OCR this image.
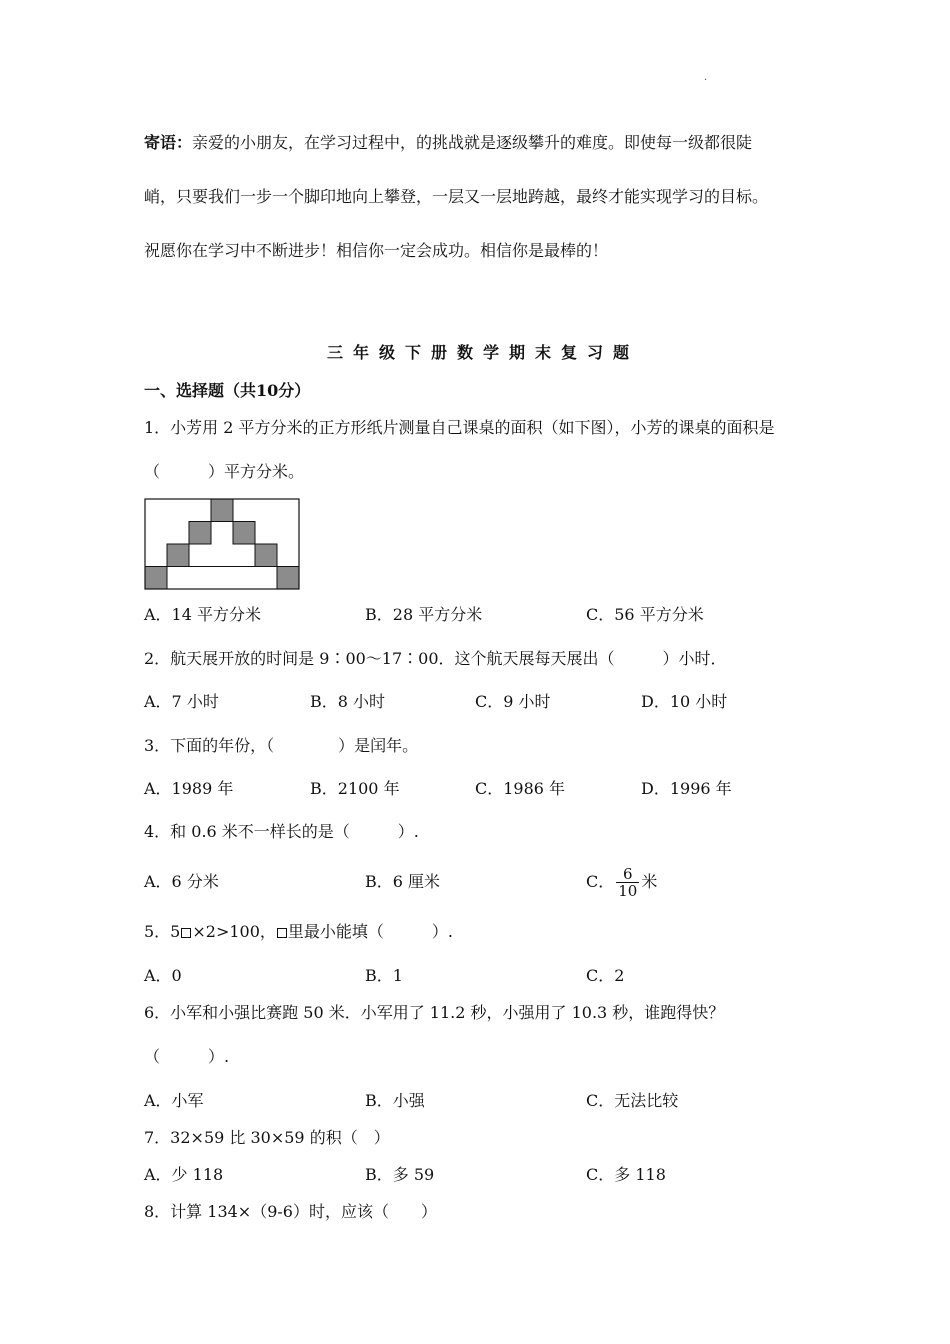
.
寄语：亲爱的小朋友，在学习过程中，的挑战就是逐级攀升的难度。即使每一级都很陡
峭，只要我们一步一个脚印地向上攀登，一层又一层地跨越，最终才能实现学习的目标。
祝愿你在学习中不断进步！相信你一定会成功。相信你是最棒的！
三年级下册数学期末复习题
一、选择题（共10分）
1．小芳用 2 平方分米的正方形纸片测量自己课桌的面积（如下图），小芳的课桌的面积是
（　　　）平方分米。
A．14 平方分米	B．28 平方分米	C．56 平方分米
2．航天展开放的时间是 9∶00～17∶00．这个航天展每天展出（　　　）小时．
A．7 小时	B．8 小时	C．9 小时	D．10 小时
3．下面的年份，（　　　　）是闰年。
A．1989 年	B．2100 年	C．1986 年	D．1996 年
4．和 0.6 米不一样长的是（　　　）.
A．6 分米	B．6 厘米	C． $\frac{6}{10}$ 米
5．5 ×2>100， 里最小能填（　　　）.
A．0	B．1	C．2
6．小军和小强比赛跑 50 米．小军用了 11.2 秒，小强用了 10.3 秒，谁跑得快？
（　　　）.
A．小军	B．小强	C．无法比较
7．32×59 比 30×59 的积（　）
A．少 118	B．多 59	C．多 118
8．计算 134×（9-6）时，应该（　　）
